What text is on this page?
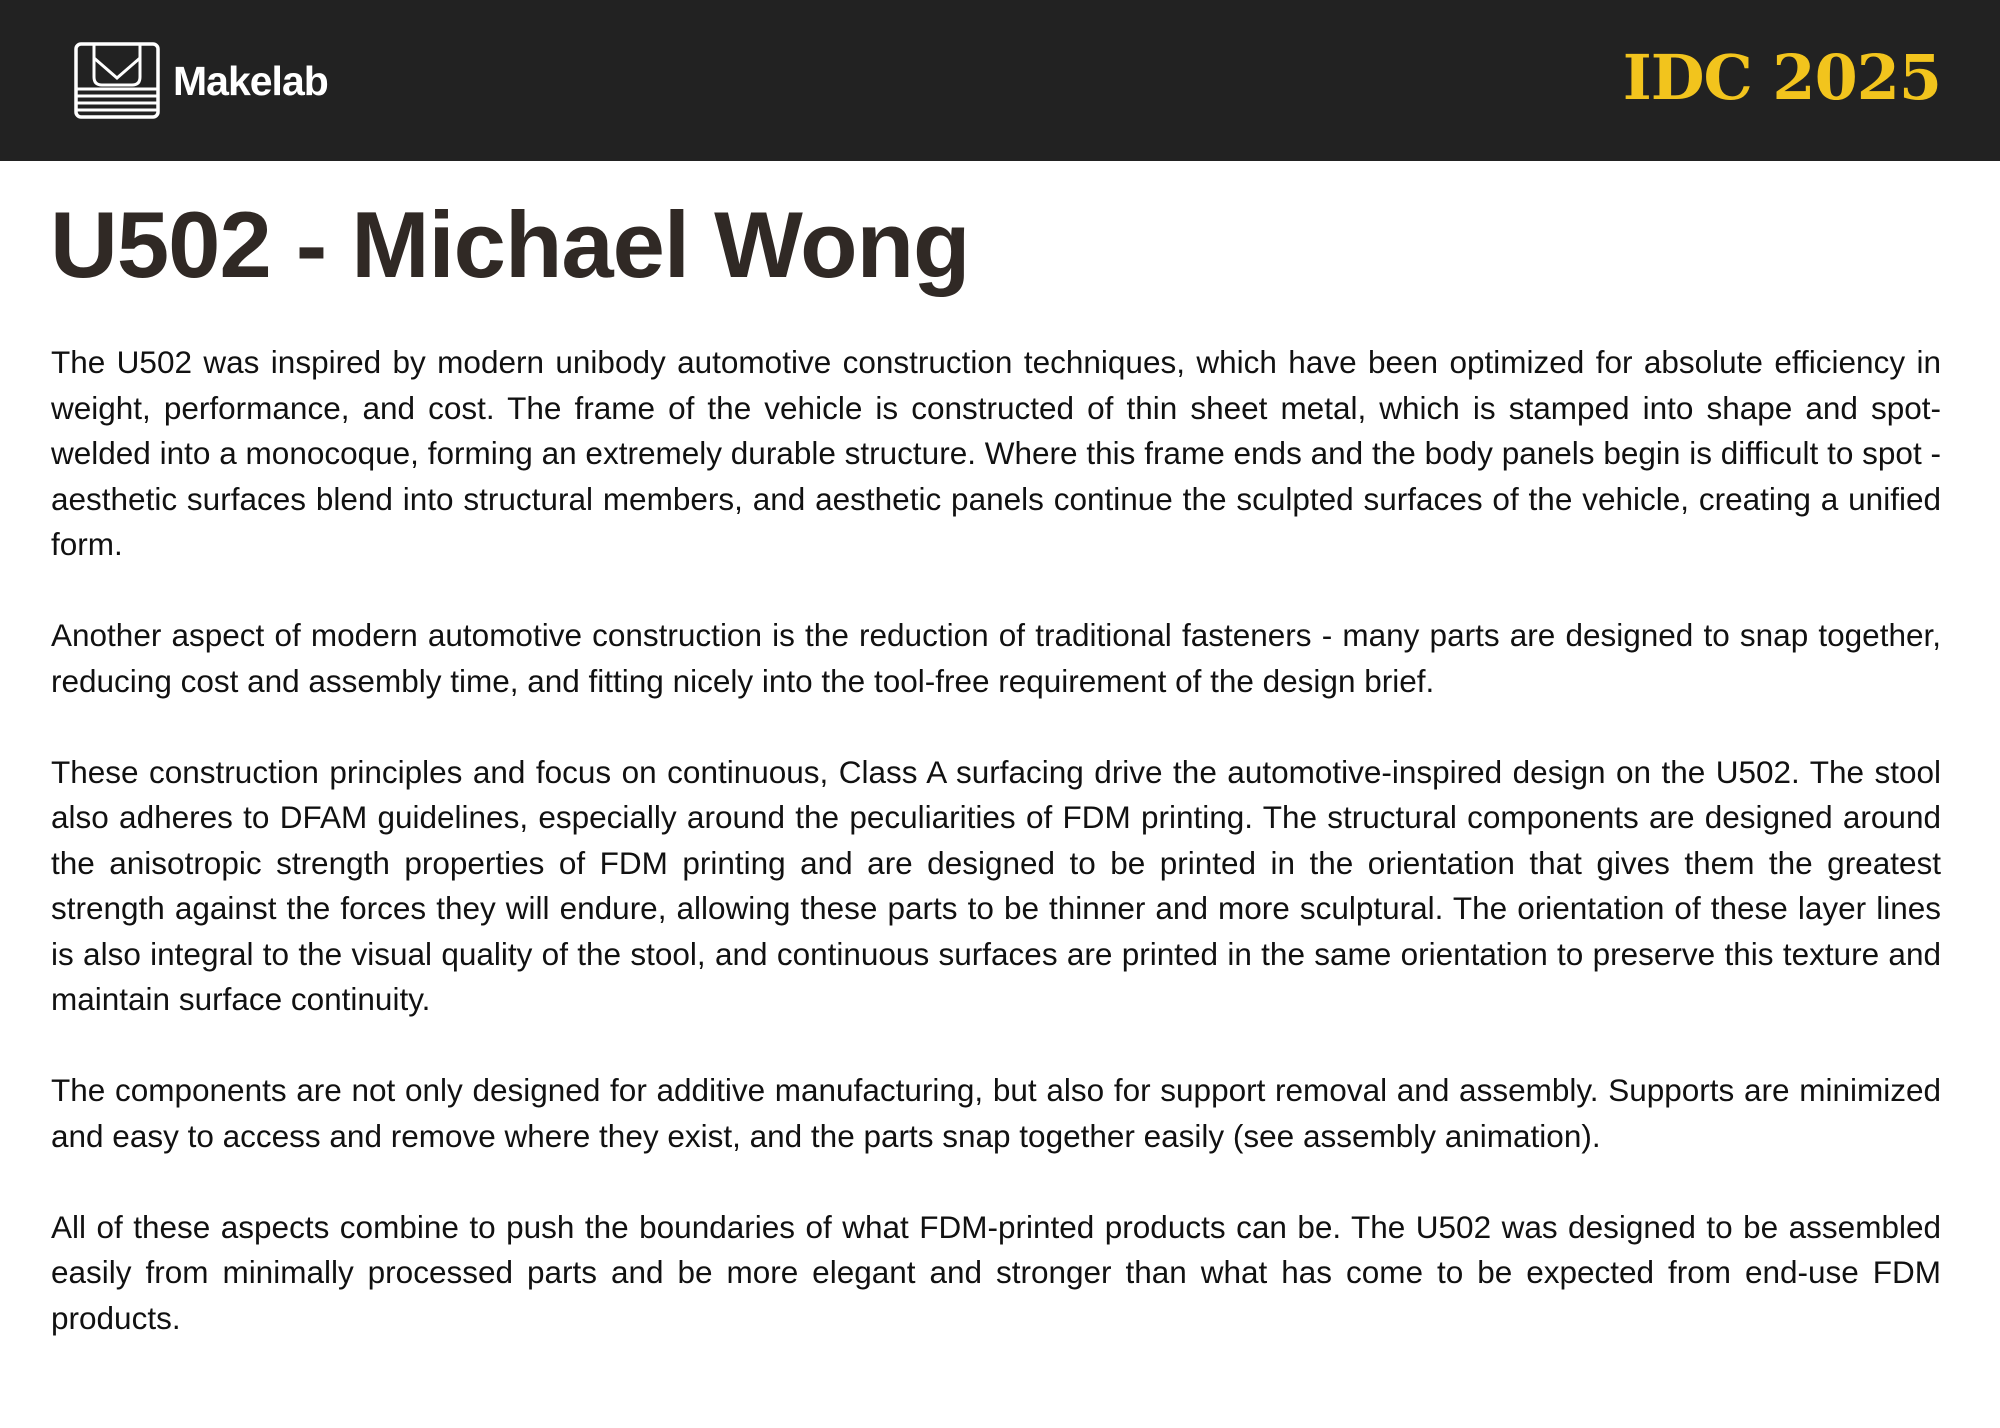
Makelab	IDC 2025
U502 - Michael Wong

The U502 was inspired by modern unibody automotive construction techniques, which have been optimized for absolute efficiency in weight, performance, and cost. The frame of the vehicle is constructed of thin sheet metal, which is stamped into shape and spot-welded into a monocoque, forming an extremely durable structure. Where this frame ends and the body panels begin is difficult to spot - aesthetic surfaces blend into structural members, and aesthetic panels continue the sculpted surfaces of the vehicle, creating a unified form.

Another aspect of modern automotive construction is the reduction of traditional fasteners - many parts are designed to snap together, reducing cost and assembly time, and fitting nicely into the tool-free requirement of the design brief.

These construction principles and focus on continuous, Class A surfacing drive the automotive-inspired design on the U502. The stool also adheres to DFAM guidelines, especially around the peculiarities of FDM printing. The structural components are designed around the anisotropic strength properties of FDM printing and are designed to be printed in the orientation that gives them the greatest strength against the forces they will endure, allowing these parts to be thinner and more sculptural. The orientation of these layer lines is also integral to the visual quality of the stool, and continuous surfaces are printed in the same orientation to preserve this texture and maintain surface continuity.

The components are not only designed for additive manufacturing, but also for support removal and assembly. Supports are minimized and easy to access and remove where they exist, and the parts snap together easily (see assembly animation).

All of these aspects combine to push the boundaries of what FDM-printed products can be. The U502 was designed to be assembled easily from minimally processed parts and be more elegant and stronger than what has come to be expected from end-use FDM products.
